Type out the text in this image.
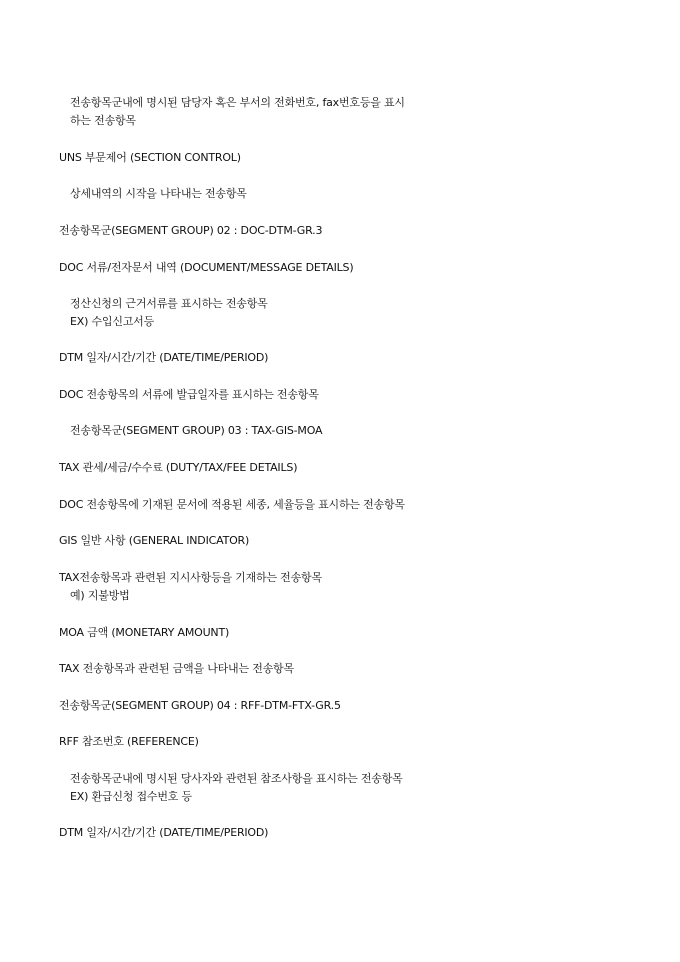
전송항목군내에 명시된 담당자 혹은 부서의 전화번호, fax번호등을 표시
하는 전송항목
UNS 부문제어 (SECTION CONTROL)
상세내역의 시작을 나타내는 전송항목
전송항목군(SEGMENT GROUP) 02 : DOC-DTM-GR.3
DOC 서류/전자문서 내역 (DOCUMENT/MESSAGE DETAILS)
정산신청의 근거서류를 표시하는 전송항목
EX) 수입신고서등
DTM 일자/시간/기간 (DATE/TIME/PERIOD)
DOC 전송항목의 서류에 발급일자를 표시하는 전송항목
전송항목군(SEGMENT GROUP) 03 : TAX-GIS-MOA
TAX 관세/세금/수수료 (DUTY/TAX/FEE DETAILS)
DOC 전송항목에 기재된 문서에 적용된 세종, 세율등을 표시하는 전송항목
GIS 일반 사항 (GENERAL INDICATOR)
TAX전송항목과 관련된 지시사항등을 기재하는 전송항목
예) 지불방법
MOA 금액 (MONETARY AMOUNT)
TAX 전송항목과 관련된 금액을 나타내는 전송항목
전송항목군(SEGMENT GROUP) 04 : RFF-DTM-FTX-GR.5
RFF 참조번호 (REFERENCE)
전송항목군내에 명시된 당사자와 관련된 참조사항을 표시하는 전송항목
EX) 환급신청 접수번호 등
DTM 일자/시간/기간 (DATE/TIME/PERIOD)
